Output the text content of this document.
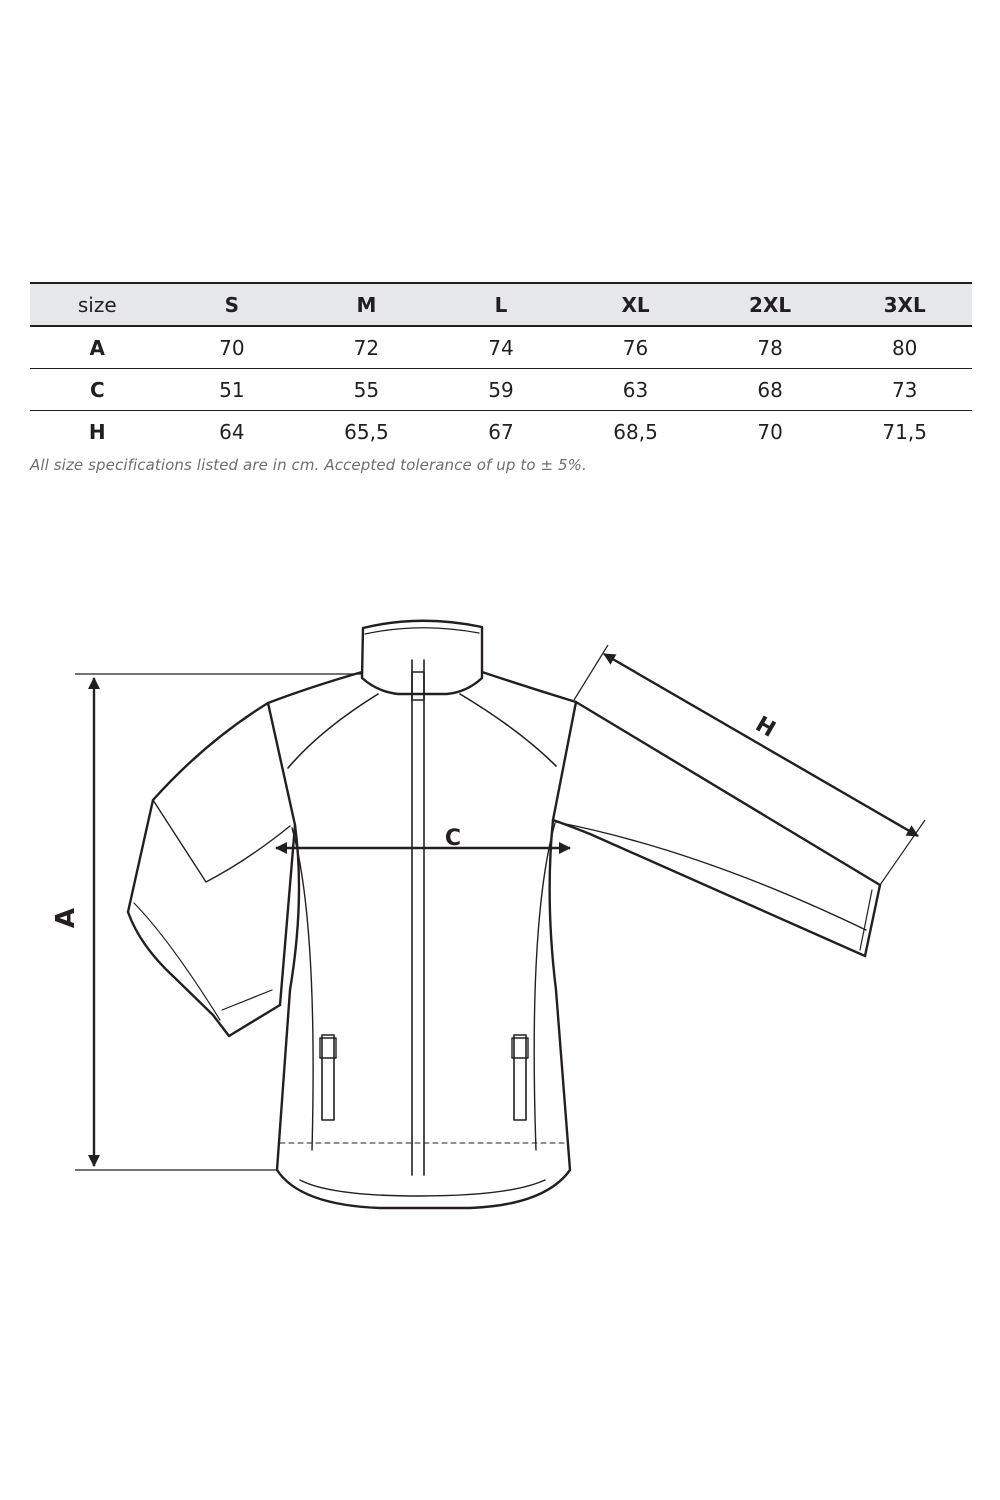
size	S	M	L	XL	2XL	3XL
A	70	72	74	76	78	80
C	51	55	59	63	68	73
H	64	65,5	67	68,5	70	71,5
All size specifications listed are in cm. Accepted tolerance of up to ± 5%.
A
C
H
